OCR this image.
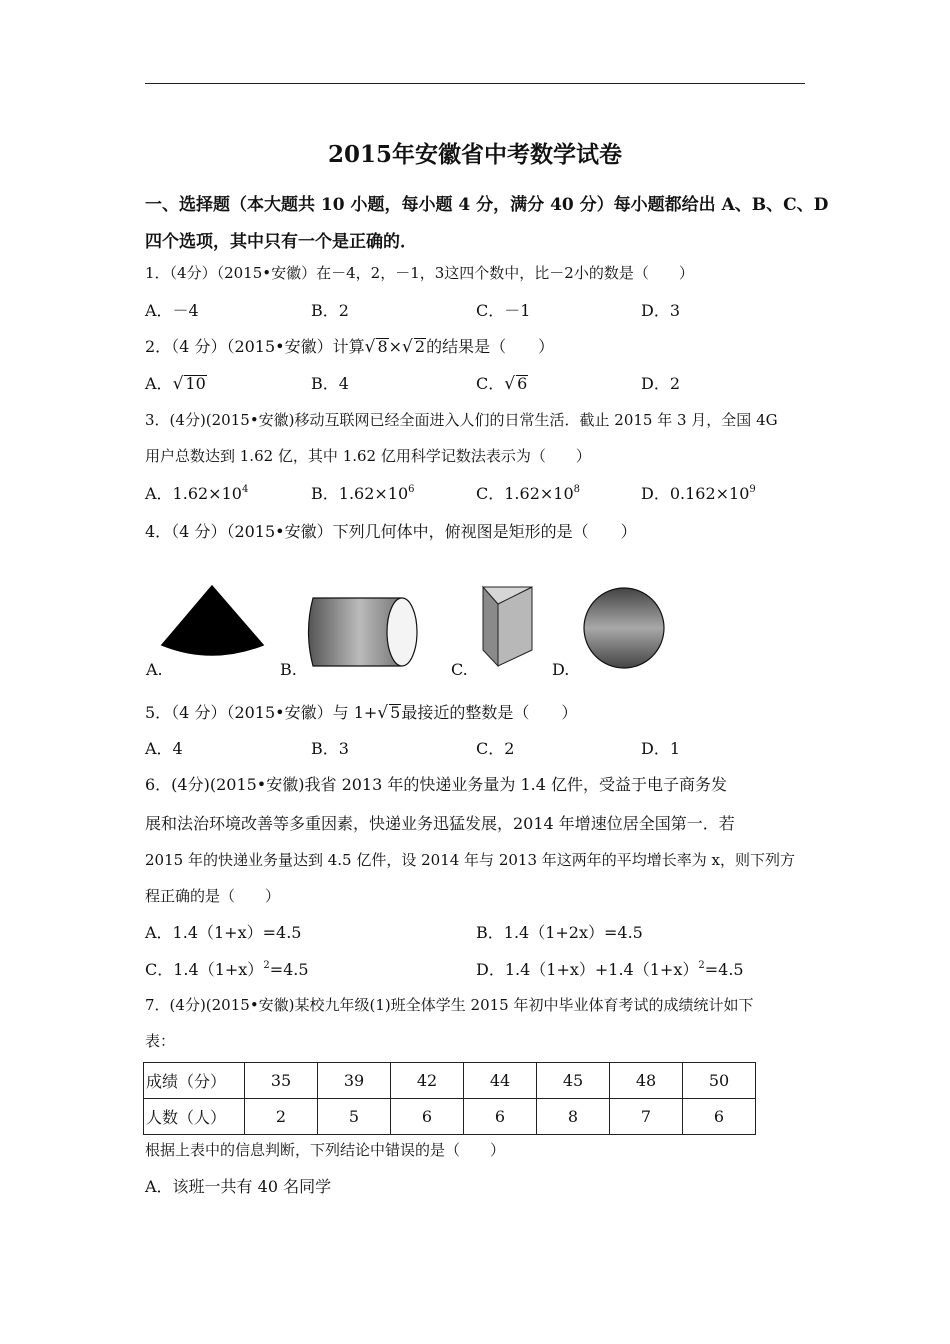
2015年安徽省中考数学试卷
一、选择题（本大题共 10 小题，每小题 4 分，满分 40 分）每小题都给出 A、B、C、D
四个选项，其中只有一个是正确的．
1．（4分）（2015•安徽）在－4，2，－1，3这四个数中，比－2小的数是（　　）
A．－4	B．2	C．－1	D．3
2．（4 分）（2015•安徽）计算√ 8×√ 2的结果是（　　）
A．√ 10	B．4	C．√ 6	D．2
3．(4分)(2015•安徽)移动互联网已经全面进入人们的日常生活．截止 2015 年 3 月，全国 4G
用户总数达到 1.62 亿，其中 1.62 亿用科学记数法表示为（　　）
A．$1.62\times 10^4$	B．$1.62\times 10^6$	C．$1.62\times 10^8$	D．$0.162\times 10^9$
4．（4 分）（2015•安徽）下列几何体中，俯视图是矩形的是（　　）
A.	B.	C.	D.
5．（4 分）（2015•安徽）与 1+√ 5最接近的整数是（　　）
A．4	B．3	C．2	D．1
6．(4分)(2015•安徽)我省 2013 年的快递业务量为 1.4 亿件，受益于电子商务发
展和法治环境改善等多重因素，快递业务迅猛发展，2014 年增速位居全国第一．若
2015 年的快递业务量达到 4.5 亿件，设 2014 年与 2013 年这两年的平均增长率为 x，则下列方
程正确的是（　　）
A．1.4（1+x）=4.5	B．1.4（1+2x）=4.5
C．$1.4(1+x)^2=4.5$	D．$1.4(1+x)+1.4(1+x)^2=4.5$
7．(4分)(2015•安徽)某校九年级(1)班全体学生 2015 年初中毕业体育考试的成绩统计如下
表：
成绩（分）	35	39	42	44	45	48	50
人数（人）	2	5	6	6	8	7	6
根据上表中的信息判断，下列结论中错误的是（　　）
A．该班一共有 40 名同学
